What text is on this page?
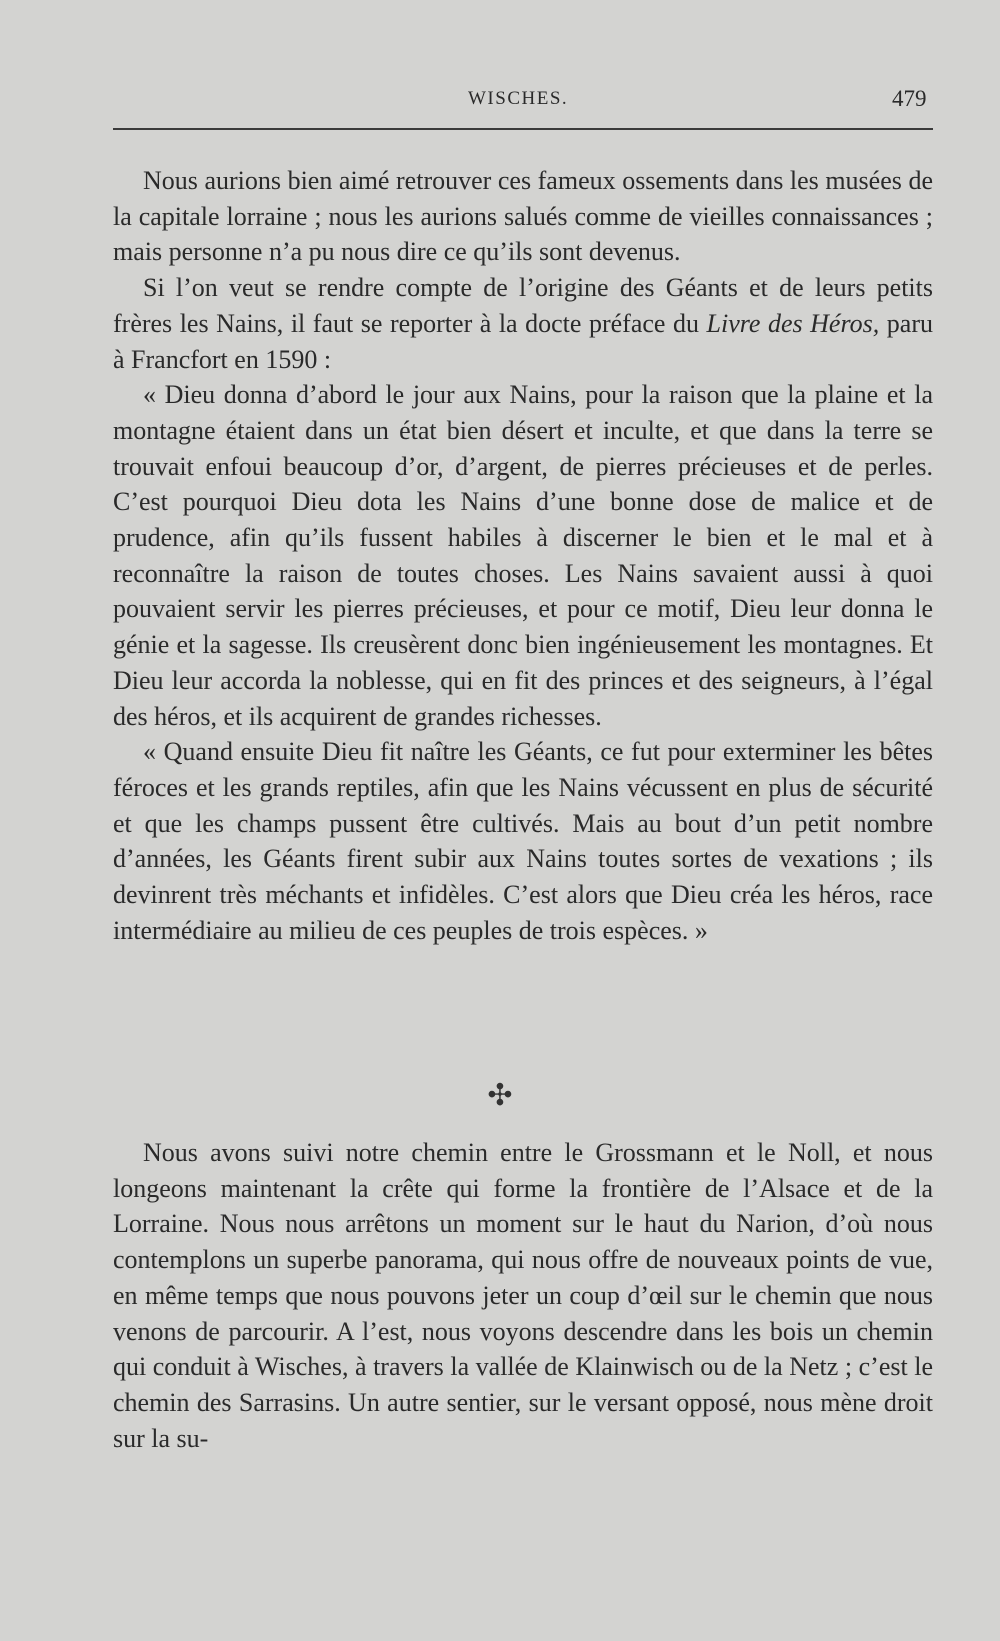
WISCHES.	479

Nous aurions bien aimé retrouver ces fameux ossements dans les musées de la capitale lorraine ; nous les aurions salués comme de vieilles connaissances ; mais personne n’a pu nous dire ce qu’ils sont devenus.

Si l’on veut se rendre compte de l’origine des Géants et de leurs petits frères les Nains, il faut se reporter à la docte préface du Livre des Héros, paru à Francfort en 1590 :

« Dieu donna d’abord le jour aux Nains, pour la raison que la plaine et la montagne étaient dans un état bien désert et inculte, et que dans la terre se trouvait enfoui beaucoup d’or, d’argent, de pierres précieuses et de perles. C’est pourquoi Dieu dota les Nains d’une bonne dose de malice et de prudence, afin qu’ils fussent habiles à discerner le bien et le mal et à reconnaître la raison de toutes choses. Les Nains savaient aussi à quoi pouvaient servir les pierres précieuses, et pour ce motif, Dieu leur donna le génie et la sagesse. Ils creusèrent donc bien ingénieusement les montagnes. Et Dieu leur accorda la noblesse, qui en fit des princes et des seigneurs, à l’égal des héros, et ils acquirent de grandes richesses.

« Quand ensuite Dieu fit naître les Géants, ce fut pour exterminer les bêtes féroces et les grands reptiles, afin que les Nains vécussent en plus de sécurité et que les champs pussent être cultivés. Mais au bout d’un petit nombre d’années, les Géants firent subir aux Nains toutes sortes de vexations ; ils devinrent très méchants et infidèles. C’est alors que Dieu créa les héros, race intermédiaire au milieu de ces peuples de trois espèces. »

✣

Nous avons suivi notre chemin entre le Grossmann et le Noll, et nous longeons maintenant la crête qui forme la frontière de l’Alsace et de la Lorraine. Nous nous arrêtons un moment sur le haut du Narion, d’où nous contemplons un superbe panorama, qui nous offre de nouveaux points de vue, en même temps que nous pouvons jeter un coup d’œil sur le chemin que nous venons de parcourir. A l’est, nous voyons descendre dans les bois un chemin qui conduit à Wisches, à travers la vallée de Klainwisch ou de la Netz ; c’est le chemin des Sarrasins. Un autre sentier, sur le versant opposé, nous mène droit sur la su-
